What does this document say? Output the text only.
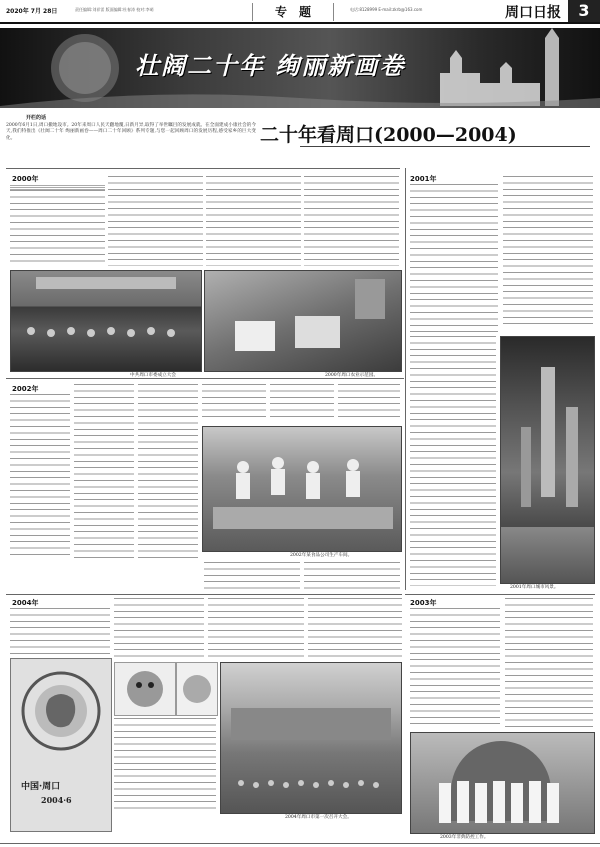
2020年 7月 28日	责任编辑:刘祥雷 版面编辑:杜春涛 校对:李萌	专　题	电话:8128999 E-mail:zkrb@163.com	周口日报	3
壮阔二十年 绚丽新画卷
开栏的话

2000年6月1日,周口撤地设市。20年来周口人民天翻地覆,日新月异,取得了举世瞩目的发展成就。在全面建成小康社会的今天,我们特推出《壮阔二十年 绚丽新画卷——周口二十年回顾》系列专题,与您一起回顾周口的发展历程,感受家乡的巨大变化。	二十年看周口(2000—2004)
2000年
中共周口市委成立大会	2000年周口农业示范园。
2001年
2001年周口城市风景。
2002年
2002年某食品公司生产车间。
2003年
2003年非典防控工作。
2004年
中国·周口
2004·6
2004年周口市第一次召开大会。
